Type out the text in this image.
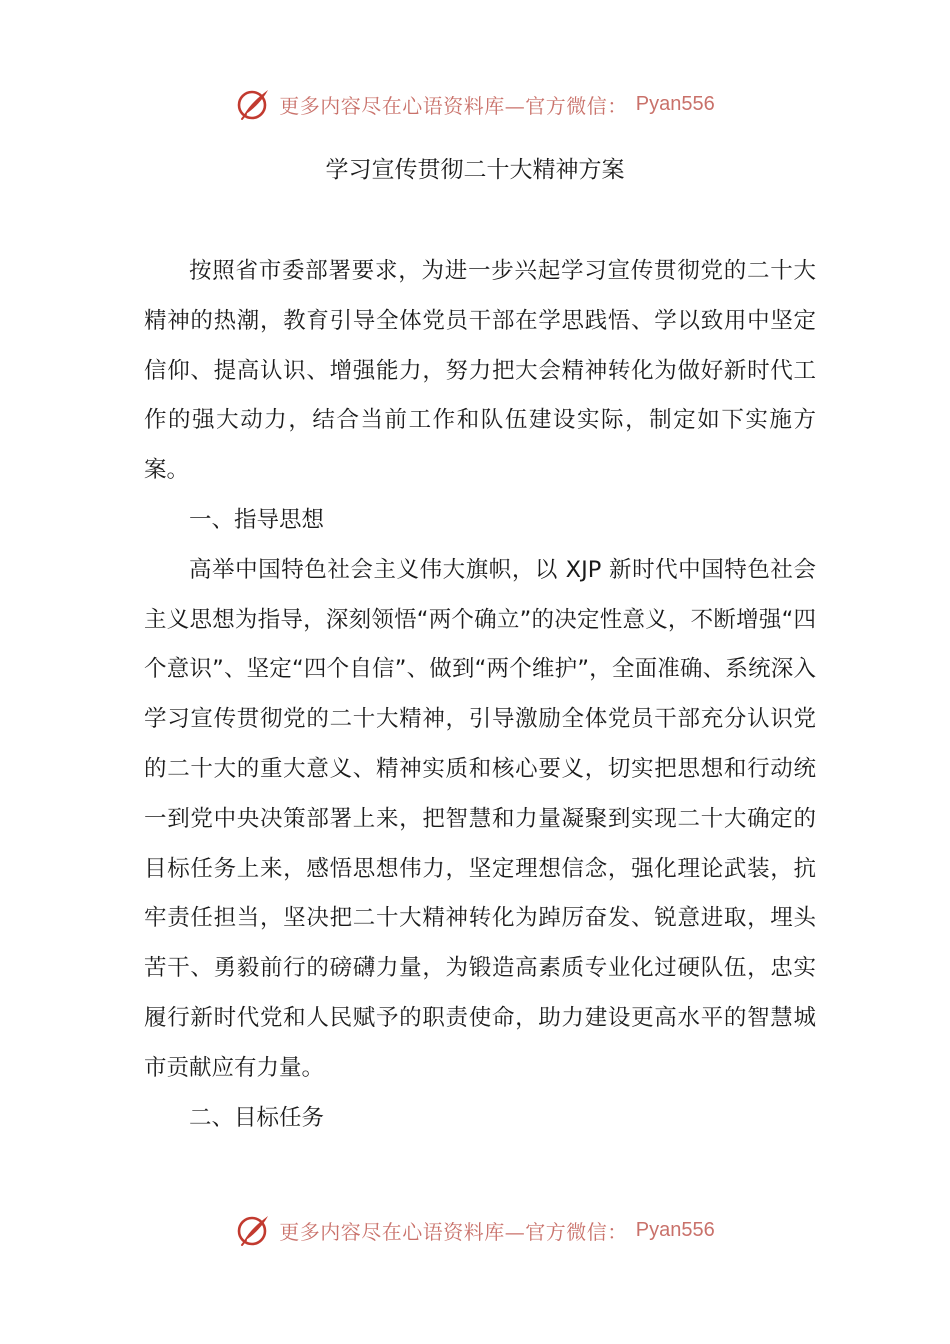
更多内容尽在心语资料库—官方微信： Pyan556
学习宣传贯彻二十大精神方案

按照省市委部署要求，为进一步兴起学习宣传贯彻党的二十大精神的热潮，教育引导全体党员干部在学思践悟、学以致用中坚定信仰、提高认识、增强能力，努力把大会精神转化为做好新时代工作的强大动力，结合当前工作和队伍建设实际，制定如下实施方案。

一、指导思想

高举中国特色社会主义伟大旗帜，以 XJP 新时代中国特色社会主义思想为指导，深刻领悟“两个确立”的决定性意义，不断增强“四个意识”、坚定“四个自信”、做到“两个维护”，全面准确、系统深入学习宣传贯彻党的二十大精神，引导激励全体党员干部充分认识党的二十大的重大意义、精神实质和核心要义，切实把思想和行动统一到党中央决策部署上来，把智慧和力量凝聚到实现二十大确定的目标任务上来，感悟思想伟力，坚定理想信念，强化理论武装，抗牢责任担当，坚决把二十大精神转化为踔厉奋发、锐意进取，埋头苦干、勇毅前行的磅礴力量，为锻造高素质专业化过硬队伍，忠实履行新时代党和人民赋予的职责使命，助力建设更高水平的智慧城市贡献应有力量。

二、目标任务

更多内容尽在心语资料库—官方微信： Pyan556
